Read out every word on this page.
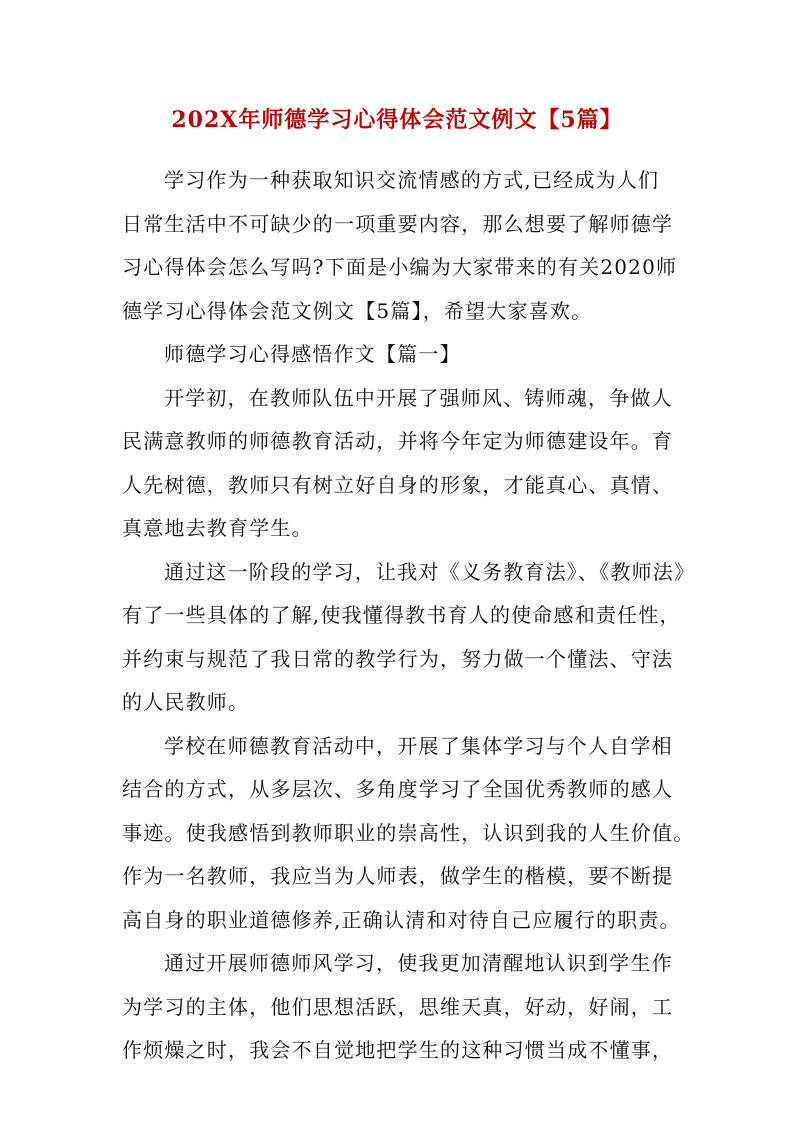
202X年师德学习心得体会范文例文【5篇】
学习作为一种获取知识交流情感的方式,已经成为人们
日常生活中不可缺少的一项重要内容，那么想要了解师德学
习心得体会怎么写吗?下面是小编为大家带来的有关2020师
德学习心得体会范文例文【5篇】，希望大家喜欢。
师德学习心得感悟作文【篇一】
开学初，在教师队伍中开展了强师风、铸师魂，争做人
民满意教师的师德教育活动，并将今年定为师德建设年。育
人先树德，教师只有树立好自身的形象，才能真心、真情、
真意地去教育学生。
通过这一阶段的学习，让我对《义务教育法》、《教师法》
有了一些具体的了解,使我懂得教书育人的使命感和责任性，
并约束与规范了我日常的教学行为，努力做一个懂法、守法
的人民教师。
学校在师德教育活动中，开展了集体学习与个人自学相
结合的方式，从多层次、多角度学习了全国优秀教师的感人
事迹。使我感悟到教师职业的崇高性，认识到我的人生价值。
作为一名教师，我应当为人师表，做学生的楷模，要不断提
高自身的职业道德修养,正确认清和对待自己应履行的职责。
通过开展师德师风学习，使我更加清醒地认识到学生作
为学习的主体，他们思想活跃，思维天真，好动，好闹，工
作烦燥之时，我会不自觉地把学生的这种习惯当成不懂事，
